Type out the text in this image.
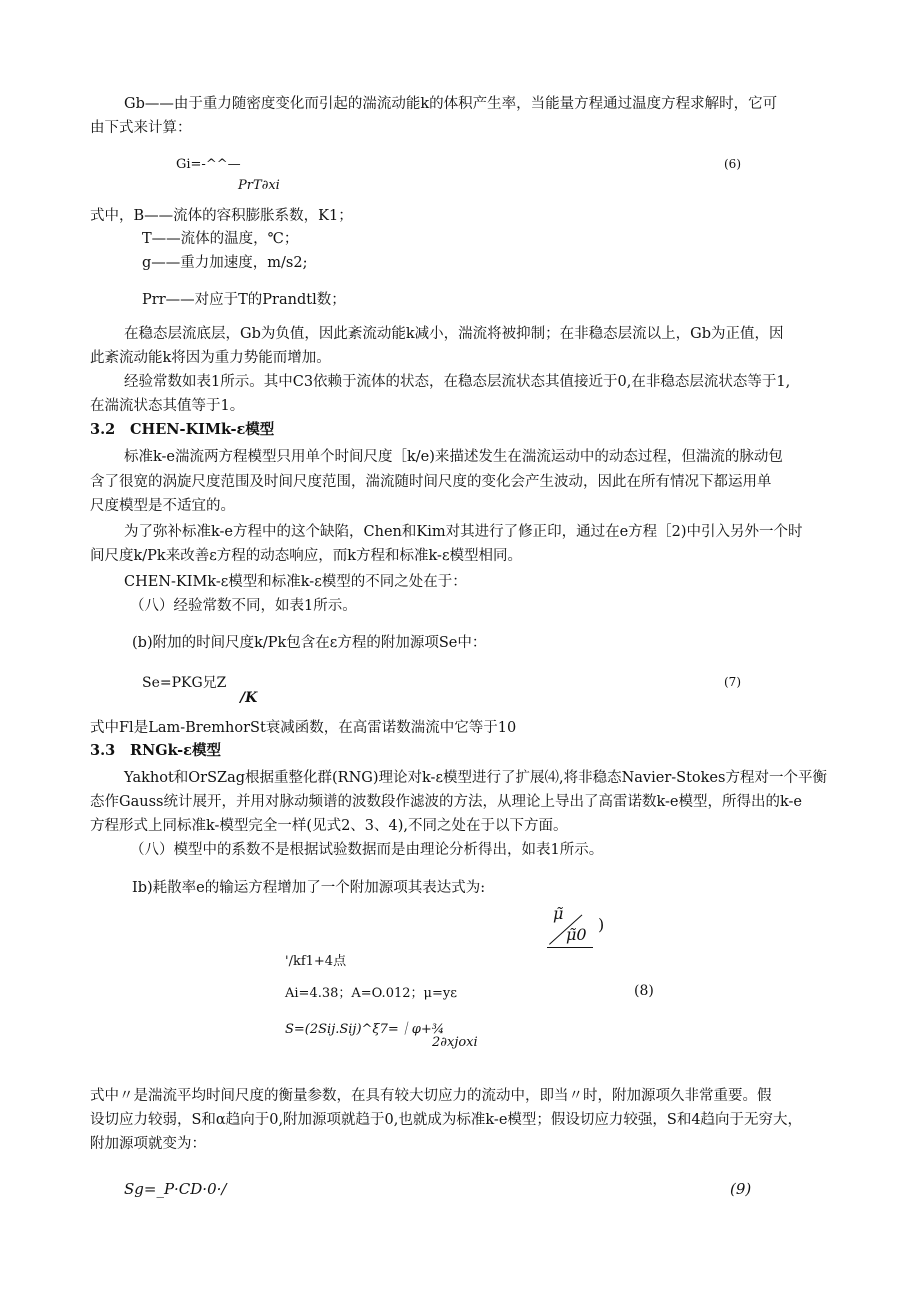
Gb——由于重力随密度变化而引起的湍流动能k的体积产生率，当能量方程通过温度方程求解时，它可
由下式来计算：
Gi=-^^—
PrT∂xi
(6)
式中，B——流体的容积膨胀系数，K1；
T——流体的温度，℃；
g——重力加速度，m/s2;
Prr——对应于T的Prandtl数；
在稳态层流底层，Gb为负值，因此紊流动能k减小，湍流将被抑制；在非稳态层流以上，Gb为正值，因
此紊流动能k将因为重力势能而增加。
经验常数如表1所示。其中C3依赖于流体的状态，在稳态层流状态其值接近于0,在非稳态层流状态等于1,
在湍流状态其值等于1。
3.2 CHEN-KIMk-ε模型
标准k-e湍流两方程模型只用单个时间尺度［k/e)来描述发生在湍流运动中的动态过程，但湍流的脉动包
含了很宽的涡旋尺度范围及时间尺度范围，湍流随时间尺度的变化会产生波动，因此在所有情况下都运用单
尺度模型是不适宜的。
为了弥补标准k-e方程中的这个缺陷，Chen和Kim对其进行了修正印，通过在e方程［2)中引入另外一个时
间尺度k/Pk来改善ε方程的动态响应，而k方程和标准k-ε模型相同。
CHEN-KIMk-ε模型和标准k-ε模型的不同之处在于：
（八）经验常数不同，如表1所示。
(b)附加的时间尺度k/Pk包含在ε方程的附加源项Se中：
Se=PKG兄Z
/K
(7)
式中Fl是Lam-BremhorSt衰减函数，在高雷诺数湍流中它等于10
3.3 RNGk-ε模型
Yakhot和OrSZag根据重整化群(RNG)理论对k-ε模型进行了扩展⑷,将非稳态Navier-Stokes方程对一个平衡
态作Gauss统计展开，并用对脉动频谱的波数段作滤波的方法，从理论上导出了高雷诺数k-e模型，所得出的k-e
方程形式上同标准k-模型完全一样(见式2、3、4),不同之处在于以下方面。
（八）模型中的系数不是根据试验数据而是由理论分析得出，如表1所示。
Ib)耗散率e的输运方程增加了一个附加源项其表达式为:
μ̃
)
μ̃0
'/kf1+4点
Ai=4.38；A=O.012；μ=yε	(8)
S=(2Sij.Sij)^ξ7=｜φ+¾
2∂xjoxi
式中〃是湍流平均时间尺度的衡量参数，在具有较大切应力的流动中，即当〃时，附加源项久非常重要。假
设切应力较弱，S和α趋向于0,附加源项就趋于0,也就成为标准k-e模型；假设切应力较强，S和4趋向于无穷大，
附加源项就变为：
Sg=_P·CD·0·/	(9)
